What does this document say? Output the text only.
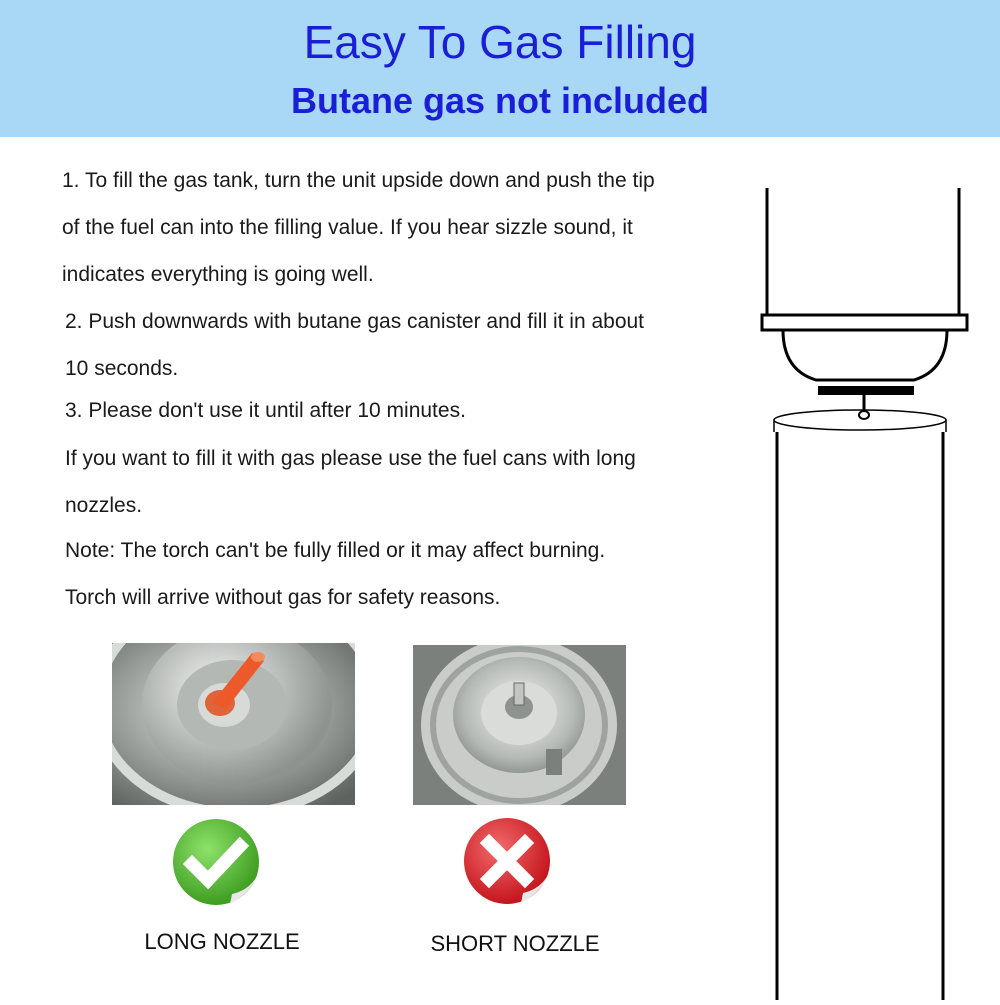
Easy To Gas Filling
Butane gas not included
1. To fill the gas tank, turn the unit upside down and push the tip
of the fuel can into the filling value. If you hear sizzle sound, it
indicates everything is going well.
2. Push downwards with butane gas canister and fill it in about
10 seconds.
3. Please don't use it until after 10 minutes.
If you want to fill it with gas please use the fuel cans with long
nozzles.
Note: The torch can't be fully filled or it may affect burning.
Torch will arrive without gas for safety reasons.
LONG NOZZLE	SHORT NOZZLE
